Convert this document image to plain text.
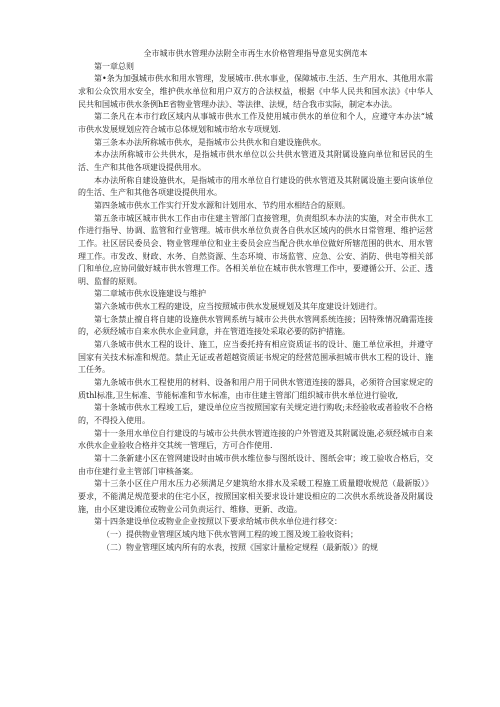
全市城市供水管理办法附全市再生水价格管理指导意见实例范本

第一章总则

第•条为加强城市供水和用水管理，发展城市.供水事业，保障城市.生活、生产用水、其他用水需求和公众饮用水安全，维护供水单位和用户双方的合法权益，根据《中华人民共和国水法》《中华人民共和国城市供水条例hE省物业管理办法》、等法律、法规，结合我市实际，制定本办法。

第二条凡在本市行政区域内从事城市供水工作及使用城市供水的单位和个人，应遵守本办法“城市供水发展规划应符合城市总体规划和城市给水专项规划.

第三条本办法所称城市供水，是指城市公共供水和自建设施供水。

本办法所称城市公共供水，是指城市供水单位以公共供水管道及其附属设施向单位和居民的生活、生产和其他各项建设提供用水。

本办法所称自建设施供水，是指城市的用水单位自行建设的供水管道及其附属设施主要向该单位的生活、生产和其他各项建设提供用水。

第四条城市供水工作实行开发水源和计划用水、节约用水相结合的原则。

第五条市城区城市供水工作由市住建主管部门直接管理，负责组织本办法的实施，对全市供水工作进行指导、协调、监管和行业管理。城市供水单位负责各自供水区域内的供水日常管理、维护运营工作。社区居民委员会、物业管理单位和业主委员会应当配合供水单位做好所辖范围的供水、用水管理工作。市发改、财政、水务、自然资源、生态环境、市场监管、应急、公安、消防、供电等相关部门和单位,应协同做好城市供水管理工作。各相关单位在城市供水管理工作中，要遵循公开、公正、透明、监督的原则。

第二章城市供水设施建设与维护

第六条城市供水工程的建设，应当按照城市供水发展规划及其年度建设计划进行。

第七条禁止擅自将自建的设施供水管网系统与城市公共供水管网系统连接；因特殊情况确需连接的，必须经城市自来水供水企业同意，并在管道连接处采取必要的防护措施。

第八条城市供水工程的设计、施工，应当委托持有相应资质证书的设计、施工单位承担，并遵守国家有关技术标准和规范。禁止无证或者超越资质证书规定的经营范围承担城市供水工程的设计、施工任务。

第九条城市供水工程使用的材料、设备和用户用于同供水管道连接的器具，必须符合国家规定的质thl标准,卫生标准、节能标准和节水标准，由市住建主管部门组织城市供水单位进行验收,

第十条城市供水工程竣工后，建设单位应当按照国家有关规定进行购收;未经验收或者验收不合格的，不得投入使用。

第十一条用水单位自行建设的与城市公共供水管道连接的户外管道及其附属设施,必须经城市自来水供水企业验收合格并交其统一管理后，方可合作使用.

第十二条新建小区在管网建设时由城市供水维位参与图纸设计、图纸会审；竣工验收合格后，交由市住建行业主管部门审核备案。

第十三条小区住户用水压力必须满足夕建筑给水排水及采暖工程施工质量瞪收规范（最新版）》要求，不能满足规范要求的住宅小区，按照国家相关要求设计建设相应的二次供水系统设备及附属设施，由小区建设滩位或物业公司负责运行、维修、更新、改造。

第十四条建设单位或物业企业按照以下要求给城市供水单位进行移交：

（一）提供物业管理区域内地下供水管网工程的竣工图及竣工验收资料；

（二）物业管理区域内所有的水表，按照《国家计量检定规程（最新版）》的规
